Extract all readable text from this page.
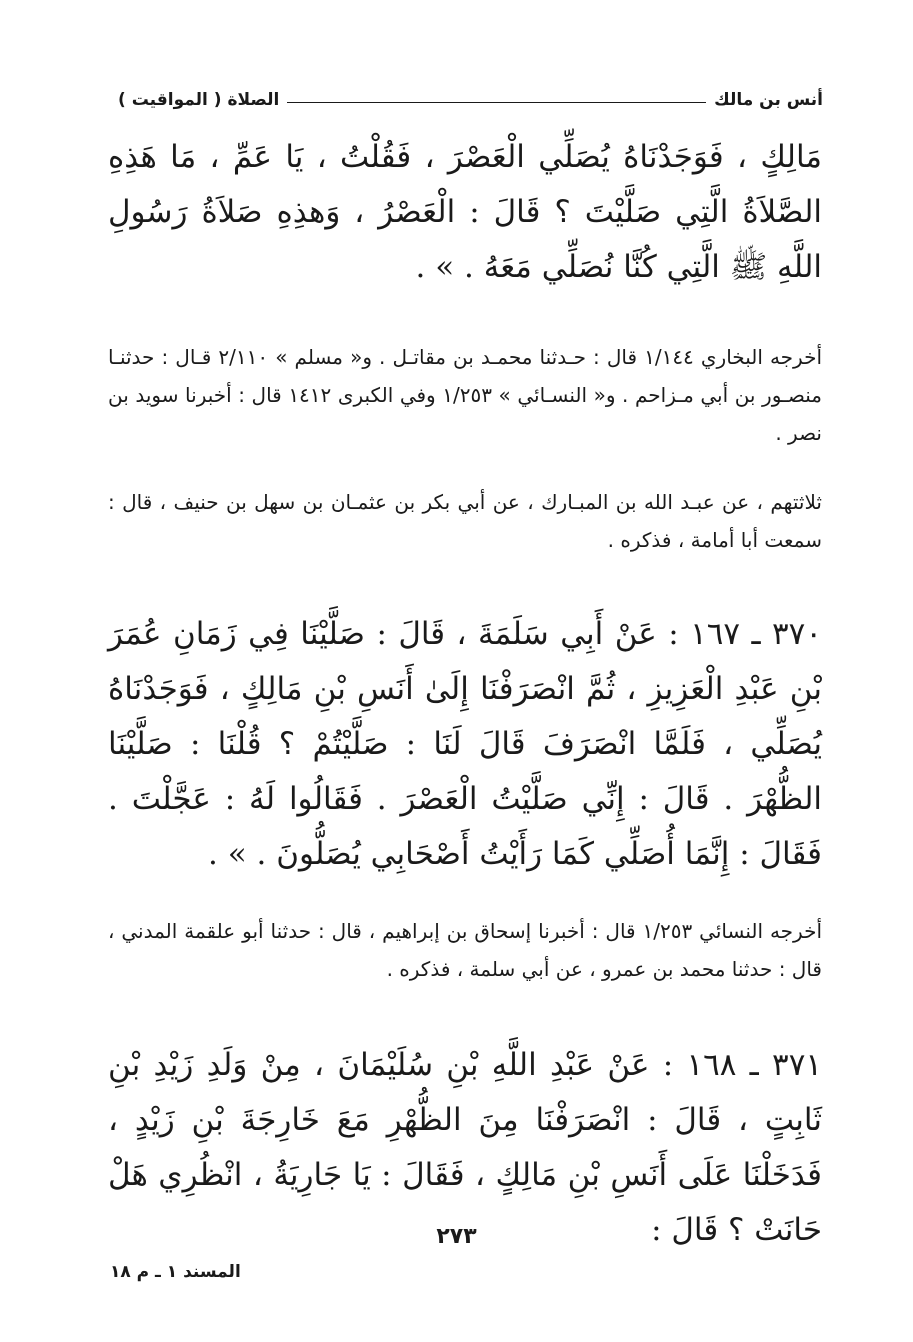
أنس بن مالك
الصلاة ( المواقيت )
مَالِكٍ ، فَوَجَدْنَاهُ يُصَلِّي الْعَصْرَ ، فَقُلْتُ ، يَا عَمِّ ، مَا هَذِهِ الصَّلاَةُ الَّتِي صَلَّيْتَ ؟ قَالَ : الْعَصْرُ ، وَهذِهِ صَلاَةُ رَسُولِ اللَّهِ ﷺ الَّتِي كُنَّا نُصَلِّي مَعَهُ . » .
أخرجه البخاري ١/١٤٤ قال : حـدثنا محمـد بن مقاتـل . و« مسلم » ٢/١١٠ قـال : حدثنـا منصـور بن أبي مـزاحم . و« النسـائي » ١/٢٥٣ وفي الكبرى ١٤١٢ قال : أخبرنا سويد بن نصر .
ثلاثتهم ، عن عبـد الله بن المبـارك ، عن أبي بكر بن عثمـان بن سهل بن حنيف ، قال : سمعت أبا أمامة ، فذكره .
٣٧٠ ـ ١٦٧ : عَنْ أَبِي سَلَمَةَ ، قَالَ : صَلَّيْنَا فِي زَمَانِ عُمَرَ بْنِ عَبْدِ الْعَزِيزِ ، ثُمَّ انْصَرَفْنَا إِلَىٰ أَنَسِ بْنِ مَالِكٍ ، فَوَجَدْنَاهُ يُصَلِّي ، فَلَمَّا انْصَرَفَ قَالَ لَنَا : صَلَّيْتُمْ ؟ قُلْنَا : صَلَّيْنَا الظُّهْرَ . قَالَ : إِنِّي صَلَّيْتُ الْعَصْرَ . فَقَالُوا لَهُ : عَجَّلْتَ . فَقَالَ : إِنَّمَا أُصَلِّي كَمَا رَأَيْتُ أَصْحَابِي يُصَلُّونَ . » .
أخرجه النسائي ١/٢٥٣ قال : أخبرنا إسحاق بن إبراهيم ، قال : حدثنا أبو علقمة المدني ، قال : حدثنا محمد بن عمرو ، عن أبي سلمة ، فذكره .
٣٧١ ـ ١٦٨ : عَنْ عَبْدِ اللَّهِ بْنِ سُلَيْمَانَ ، مِنْ وَلَدِ زَيْدِ بْنِ ثَابِتٍ ، قَالَ : انْصَرَفْنَا مِنَ الظُّهْرِ مَعَ خَارِجَةَ بْنِ زَيْدٍ ، فَدَخَلْنَا عَلَى أَنَسِ بْنِ مَالِكٍ ، فَقَالَ : يَا جَارِيَةُ ، انْظُرِي هَلْ حَانَتْ ؟ قَالَ :
٢٧٣
المسند ١ ـ م ١٨
